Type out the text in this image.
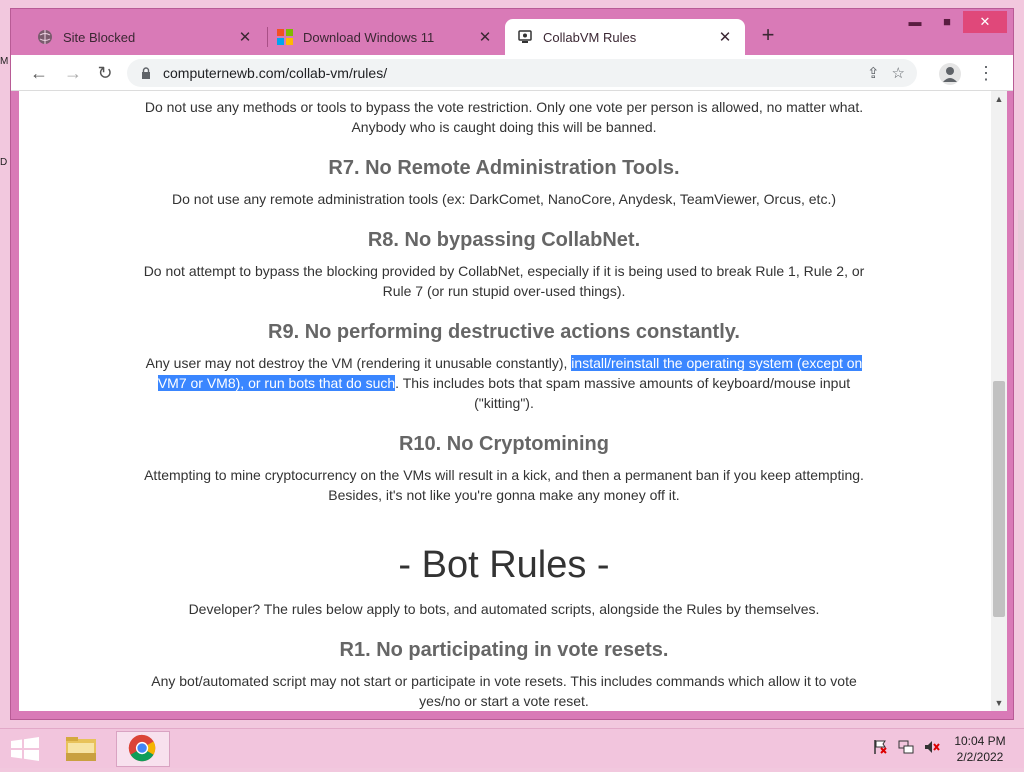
M
D
Site Blocked	✕	Download Windows 11	✕	CollabVM Rules	✕ +
▬	■	✕
← → ↻	computernewb.com/collab-vm/rules/	⇪ ☆	⋮

Do not use any methods or tools to bypass the vote restriction. Only one vote per person is allowed, no matter what. Anybody who is caught doing this will be banned.

R7. No Remote Administration Tools.

Do not use any remote administration tools (ex: DarkComet, NanoCore, Anydesk, TeamViewer, Orcus, etc.)

R8. No bypassing CollabNet.

Do not attempt to bypass the blocking provided by CollabNet, especially if it is being used to break Rule 1, Rule 2, or Rule 7 (or run stupid over-used things).

R9. No performing destructive actions constantly.

Any user may not destroy the VM (rendering it unusable constantly), install/reinstall the operating system (except on VM7 or VM8), or run bots that do such. This includes bots that spam massive amounts of keyboard/mouse input ("kitting").

R10. No Cryptomining

Attempting to mine cryptocurrency on the VMs will result in a kick, and then a permanent ban if you keep attempting. Besides, it's not like you're gonna make any money off it.

- Bot Rules -

Developer? The rules below apply to bots, and automated scripts, alongside the Rules by themselves.

R1. No participating in vote resets.

Any bot/automated script may not start or participate in vote resets. This includes commands which allow it to vote yes/no or start a vote reset.

▲
▼
10:04 PM
2/2/2022
